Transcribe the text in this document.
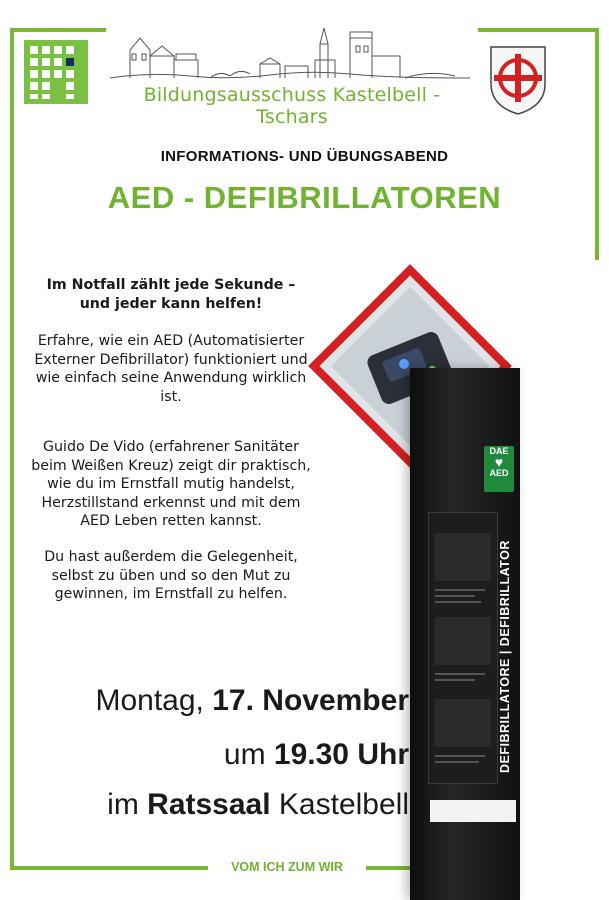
Bildungsausschuss Kastelbell - Tschars
INFORMATIONS- UND ÜBUNGSABEND
AED - DEFIBRILLATOREN
Im Notfall zählt jede Sekunde –
und jeder kann helfen!
Erfahre, wie ein AED (Automatisierter Externer Defibrillator) funktioniert und wie einfach seine Anwendung wirklich ist.
Guido De Vido (erfahrener Sanitäter beim Weißen Kreuz) zeigt dir praktisch, wie du im Ernstfall mutig handelst, Herzstillstand erkennst und mit dem AED Leben retten kannst.
Du hast außerdem die Gelegenheit, selbst zu üben und so den Mut zu gewinnen, im Ernstfall zu helfen.
DAE
♥
AED
DEFIBRILLATORE | DEFIBRILLATOR
Montag, 17. November
um 19.30 Uhr
im Ratssaal Kastelbell
VOM ICH ZUM WIR
